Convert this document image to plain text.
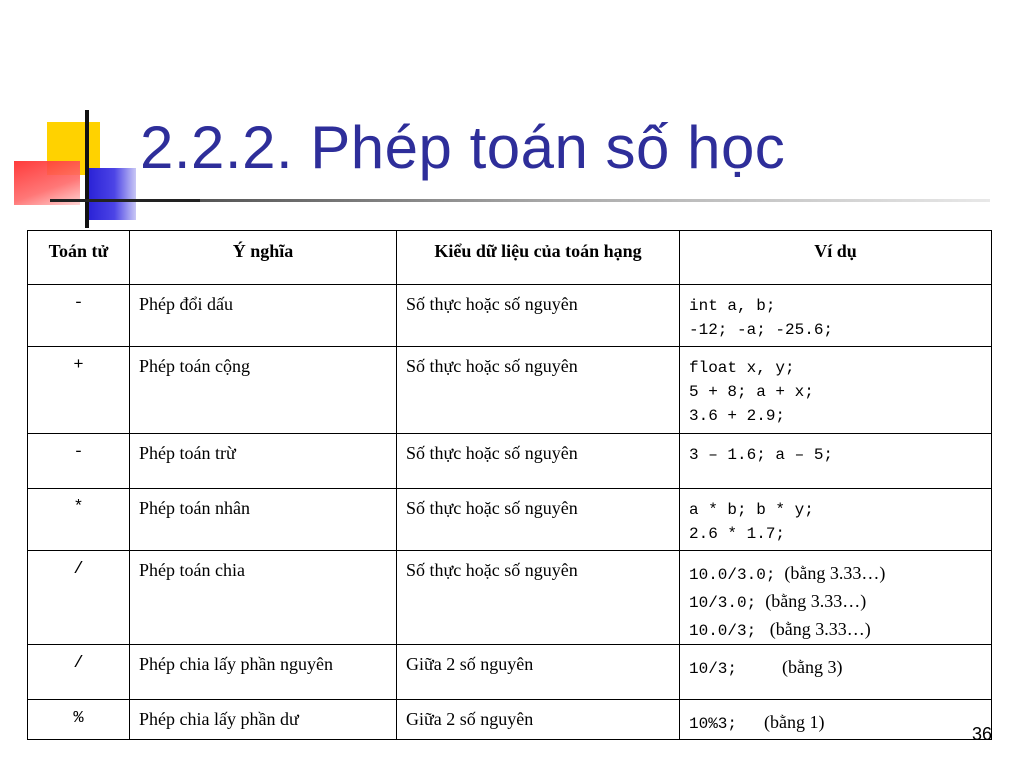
2.2.2. Phép toán số học
Toán tử	Ý nghĩa	Kiểu dữ liệu của toán hạng	Ví dụ
-	Phép đổi dấu	Số thực hoặc số nguyên	int a, b;
-12; -a; -25.6;

+	Phép toán cộng	Số thực hoặc số nguyên	float x, y;
5 + 8; a + x;
3.6 + 2.9;

-	Phép toán trừ	Số thực hoặc số nguyên	3 – 1.6; a – 5;

*	Phép toán nhân	Số thực hoặc số nguyên	a * b; b * y;
2.6 * 1.7;

/	Phép toán chia	Số thực hoặc số nguyên	10.0/3.0;  (bằng 3.33…)
10/3.0;  (bằng 3.33…)
10.0/3;   (bằng 3.33…)

/	Phép chia lấy phần nguyên	Giữa 2 số nguyên	10/3;          (bằng 3)

%	Phép chia lấy phần dư	Giữa 2 số nguyên	10%3;      (bằng 1)
36
